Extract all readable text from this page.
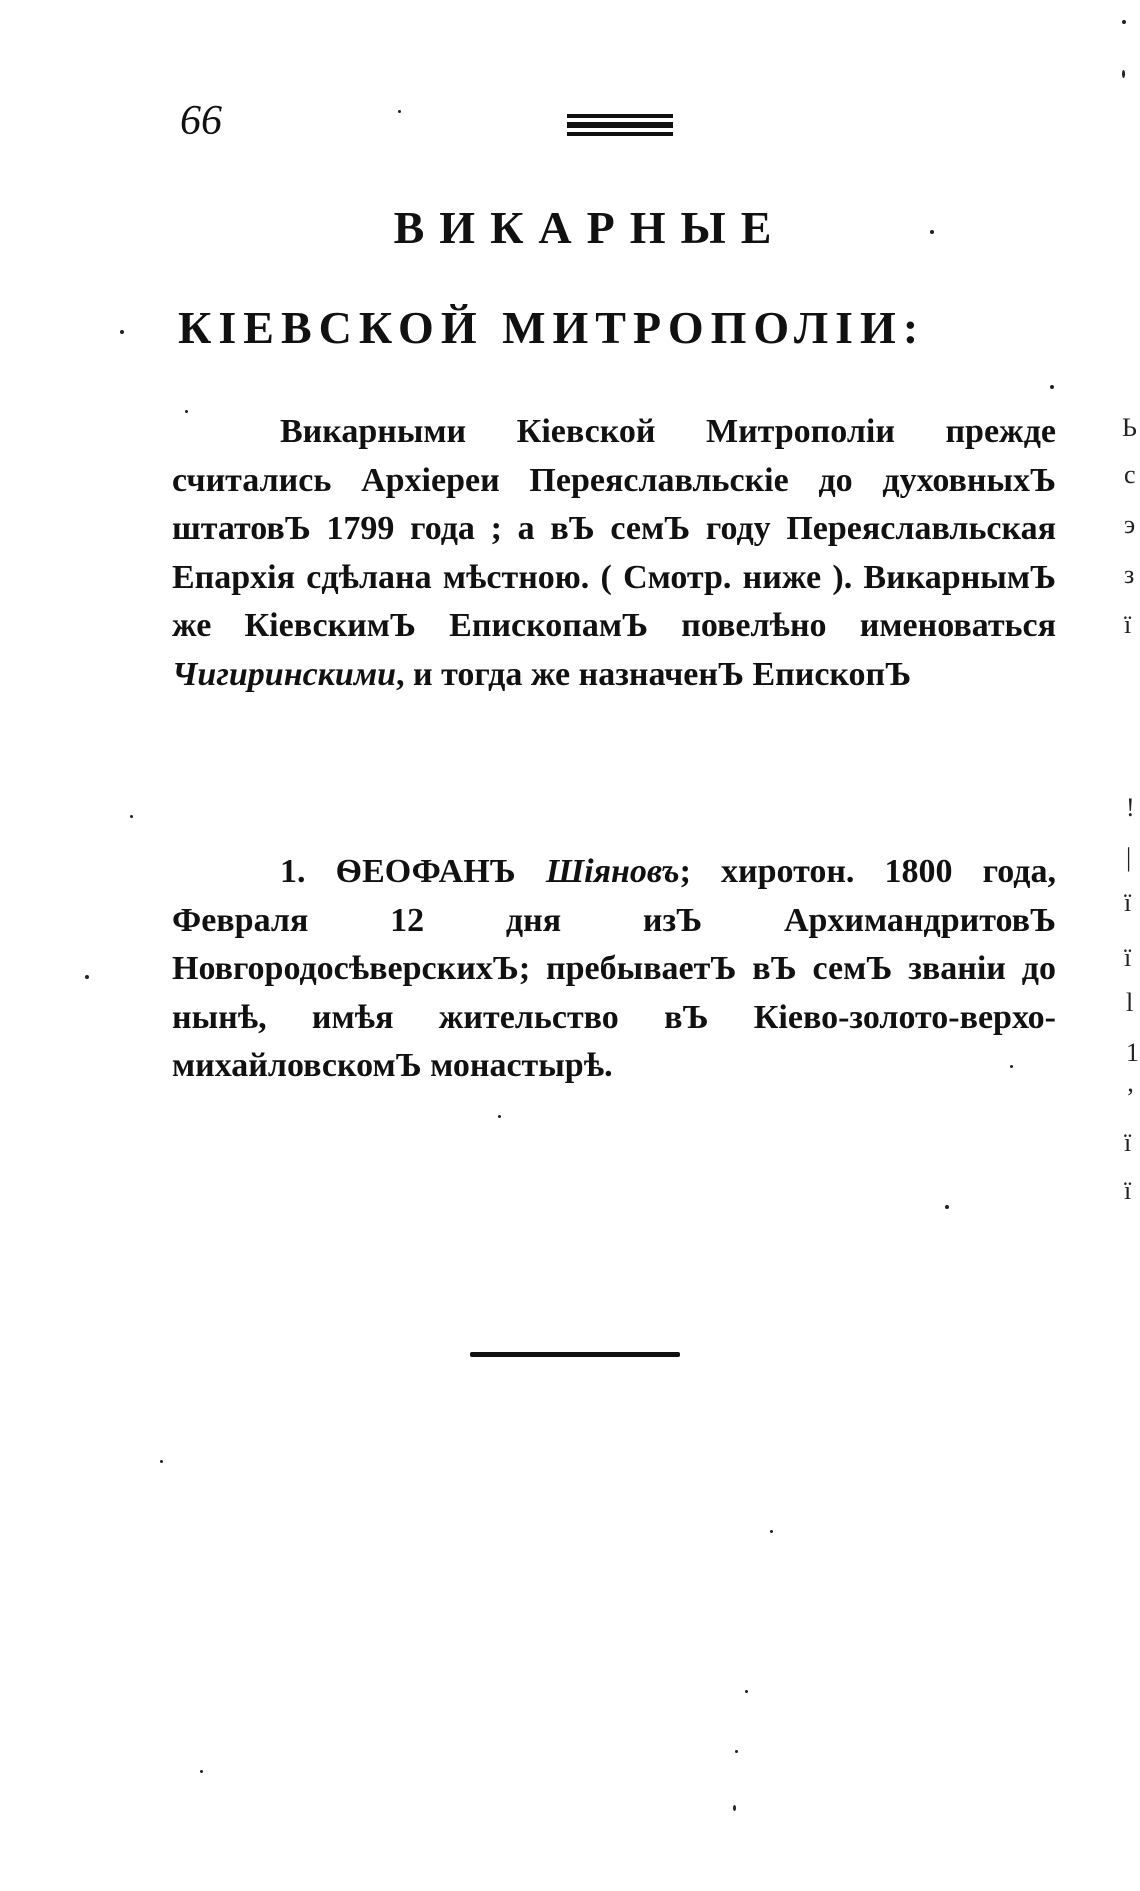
66
ВИКАРНЫЕ
КІЕВСКОЙ МИТРОПОЛІИ:
Викарными Кіевской Митрополіи прежде считались Архіереи Переяславльскіе до духовныхЪ штатовЪ 1799 года ; а вЪ семЪ году Переяславльская Епархія сдѣлана мѣстною. ( Смотр. ниже ). ВикарнымЪ же КіевскимЪ ЕпископамЪ повелѣно именоваться Чигиринскими, и тогда же назначенЪ ЕпископЪ
1. ѲЕОФАНЪ Шіяновъ; хиротон. 1800 года, Февраля 12 дня изЪ АрхимандритовЪ НовгородосѣверскихЪ; пребываетЪ вЪ семЪ званіи до нынѣ, имѣя жительство вЪ Кіево-золото-верхо-михайловскомЪ монастырѣ.
Ь
с
э
з
ї
!
|
ї
ї
l
1
ʼ
ї
ї
